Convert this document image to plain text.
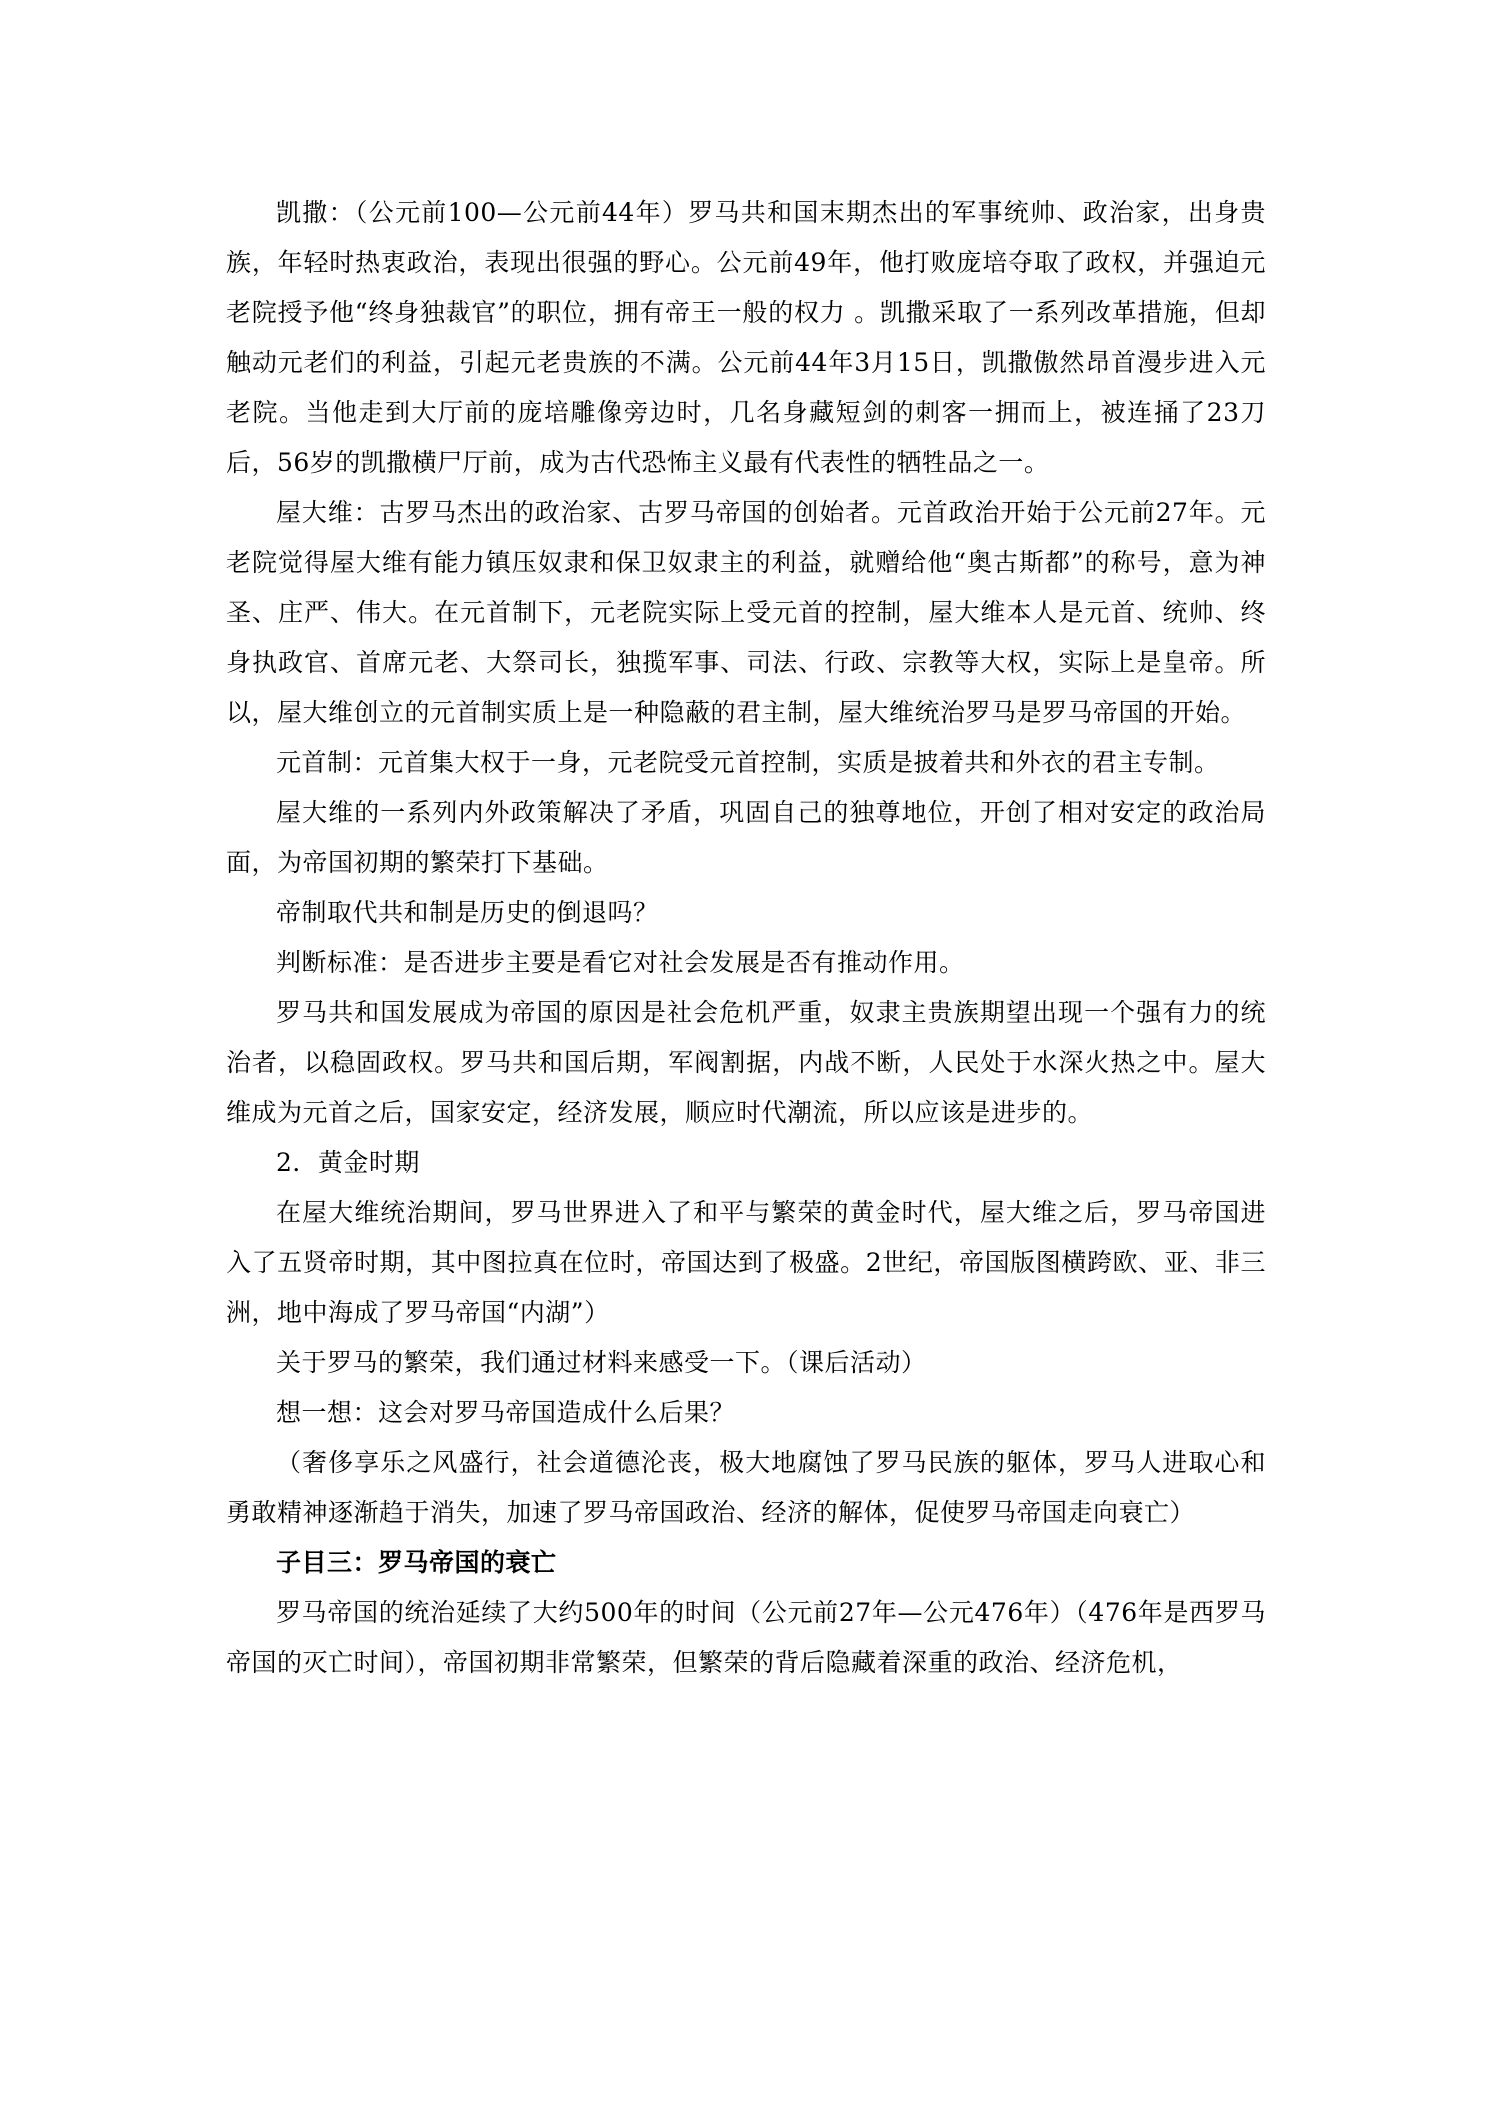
凯撒：（公元前100—公元前44年）罗马共和国末期杰出的军事统帅、政治家，出身贵族，年轻时热衷政治，表现出很强的野心。公元前49年，他打败庞培夺取了政权，并强迫元老院授予他“终身独裁官”的职位，拥有帝王一般的权力 。凯撒采取了一系列改革措施，但却触动元老们的利益，引起元老贵族的不满。公元前44年3月15日，凯撒傲然昂首漫步进入元老院。当他走到大厅前的庞培雕像旁边时，几名身藏短剑的刺客一拥而上，被连捅了23刀后，56岁的凯撒横尸厅前，成为古代恐怖主义最有代表性的牺牲品之一。

屋大维：古罗马杰出的政治家、古罗马帝国的创始者。元首政治开始于公元前27年。元老院觉得屋大维有能力镇压奴隶和保卫奴隶主的利益，就赠给他“奥古斯都”的称号，意为神圣、庄严、伟大。在元首制下，元老院实际上受元首的控制，屋大维本人是元首、统帅、终身执政官、首席元老、大祭司长，独揽军事、司法、行政、宗教等大权，实际上是皇帝。所以，屋大维创立的元首制实质上是一种隐蔽的君主制，屋大维统治罗马是罗马帝国的开始。

元首制：元首集大权于一身，元老院受元首控制，实质是披着共和外衣的君主专制。

屋大维的一系列内外政策解决了矛盾，巩固自己的独尊地位，开创了相对安定的政治局面，为帝国初期的繁荣打下基础。

帝制取代共和制是历史的倒退吗？

判断标准：是否进步主要是看它对社会发展是否有推动作用。

罗马共和国发展成为帝国的原因是社会危机严重，奴隶主贵族期望出现一个强有力的统治者，以稳固政权。罗马共和国后期，军阀割据，内战不断，人民处于水深火热之中。屋大维成为元首之后，国家安定，经济发展，顺应时代潮流，所以应该是进步的。

2．黄金时期

在屋大维统治期间，罗马世界进入了和平与繁荣的黄金时代，屋大维之后，罗马帝国进入了五贤帝时期，其中图拉真在位时，帝国达到了极盛。2世纪，帝国版图横跨欧、亚、非三洲，地中海成了罗马帝国“内湖”）

关于罗马的繁荣，我们通过材料来感受一下。（课后活动）

想一想：这会对罗马帝国造成什么后果？

（奢侈享乐之风盛行，社会道德沦丧，极大地腐蚀了罗马民族的躯体，罗马人进取心和勇敢精神逐渐趋于消失，加速了罗马帝国政治、经济的解体，促使罗马帝国走向衰亡）

子目三：罗马帝国的衰亡

罗马帝国的统治延续了大约500年的时间（公元前27年—公元476年）（476年是西罗马帝国的灭亡时间），帝国初期非常繁荣，但繁荣的背后隐藏着深重的政治、经济危机，
